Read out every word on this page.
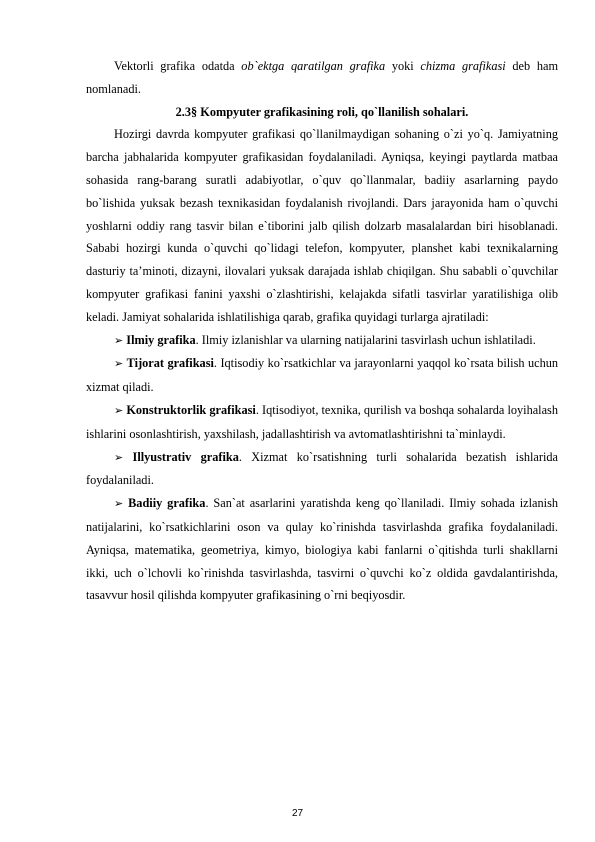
Vektorli grafika odatda ob`ektga qaratilgan grafika yoki chizma grafikasi deb ham nomlanadi.

2.3§ Kompyuter grafikasining roli, qo`llanilish sohalari.

Hozirgi davrda kompyuter grafikasi qo`llanilmaydigan sohaning o`zi yo`q. Jamiyatning barcha jabhalarida kompyuter grafikasidan foydalaniladi. Ayniqsa, keyingi paytlarda matbaa sohasida rang-barang suratli adabiyotlar, o`quv qo`llanmalar, badiiy asarlarning paydo bo`lishida yuksak bezash texnikasidan foydalanish rivojlandi. Dars jarayonida ham o`quvchi yoshlarni oddiy rang tasvir bilan e`tiborini jalb qilish dolzarb masalalardan biri hisoblanadi. Sababi hozirgi kunda o`quvchi qo`lidagi telefon, kompyuter, planshet kabi texnikalarning dasturiy ta’minoti, dizayni, ilovalari yuksak darajada ishlab chiqilgan. Shu sababli o`quvchilar kompyuter grafikasi fanini yaxshi o`zlashtirishi, kelajakda sifatli tasvirlar yaratilishiga olib keladi. Jamiyat sohalarida ishlatilishiga qarab, grafika quyidagi turlarga ajratiladi:

➢ Ilmiy grafika. Ilmiy izlanishlar va ularning natijalarini tasvirlash uchun ishlatiladi.

➢ Tijorat grafikasi. Iqtisodiy ko`rsatkichlar va jarayonlarni yaqqol ko`rsata bilish uchun xizmat qiladi.

➢ Konstruktorlik grafikasi. Iqtisodiyot, texnika, qurilish va boshqa sohalarda loyihalash ishlarini osonlashtirish, yaxshilash, jadallashtirish va avtomatlashtirishni ta`minlaydi.

➢ Illyustrativ grafika. Xizmat ko`rsatishning turli sohalarida bezatish ishlarida foydalaniladi.

➢ Badiiy grafika. San`at asarlarini yaratishda keng qo`llaniladi. Ilmiy sohada izlanish natijalarini, ko`rsatkichlarini oson va qulay ko`rinishda tasvirlashda grafika foydalaniladi. Ayniqsa, matematika, geometriya, kimyo, biologiya kabi fanlarni o`qitishda turli shakllarni ikki, uch o`lchovli ko`rinishda tasvirlashda, tasvirni o`quvchi ko`z oldida gavdalantirishda, tasavvur hosil qilishda kompyuter grafikasining o`rni beqiyosdir.

27
